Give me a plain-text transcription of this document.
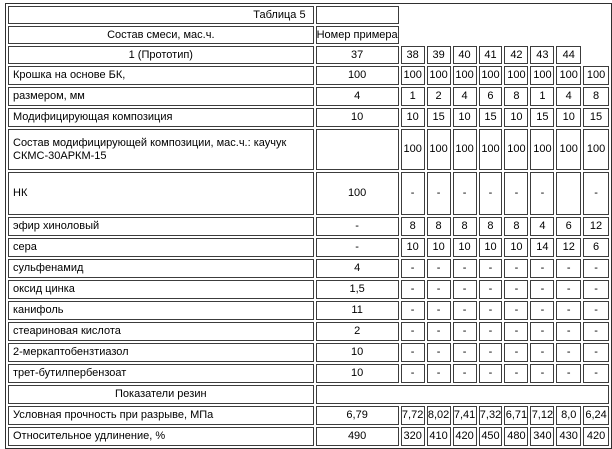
Таблица 5									
Состав смеси, мас.ч.	Номер примера								
1 (Прототип)	37	38	39	40	41	42	43	44	
Крошка на основе БК,	100	100	100	100	100	100	100	100	100
размером, мм	4	1	2	4	6	8	1	4	8
Модифицирующая композиция	10	10	15	10	15	10	15	10	15
Состав модифицирующей композиции, мас.ч.: каучук СКМС-30АРКМ-15		100	100	100	100	100	100	100	100
НК	100	-	-	-	-	-	-		-
эфир хиноловый	-	8	8	8	8	8	4	6	12
сера	-	10	10	10	10	10	14	12	6
сульфенамид	4	-	-	-	-	-	-	-	-
оксид цинка	1,5	-	-	-	-	-	-	-	-
канифоль	11	-	-	-	-	-	-	-	-
стеариновая кислота	2	-	-	-	-	-	-	-	-
2-меркаптобензтиазол	10	-	-	-	-	-	-	-	-
трет-бутилпербензоат	10	-	-	-	-	-	-	-	-
Показатели резин									
Условная прочность при разрыве, МПа	6,79	7,72	8,02	7,41	7,32	6,71	7,12	8,0	6,24
Относительное удлинение, %	490	320	410	420	450	480	340	430	420
